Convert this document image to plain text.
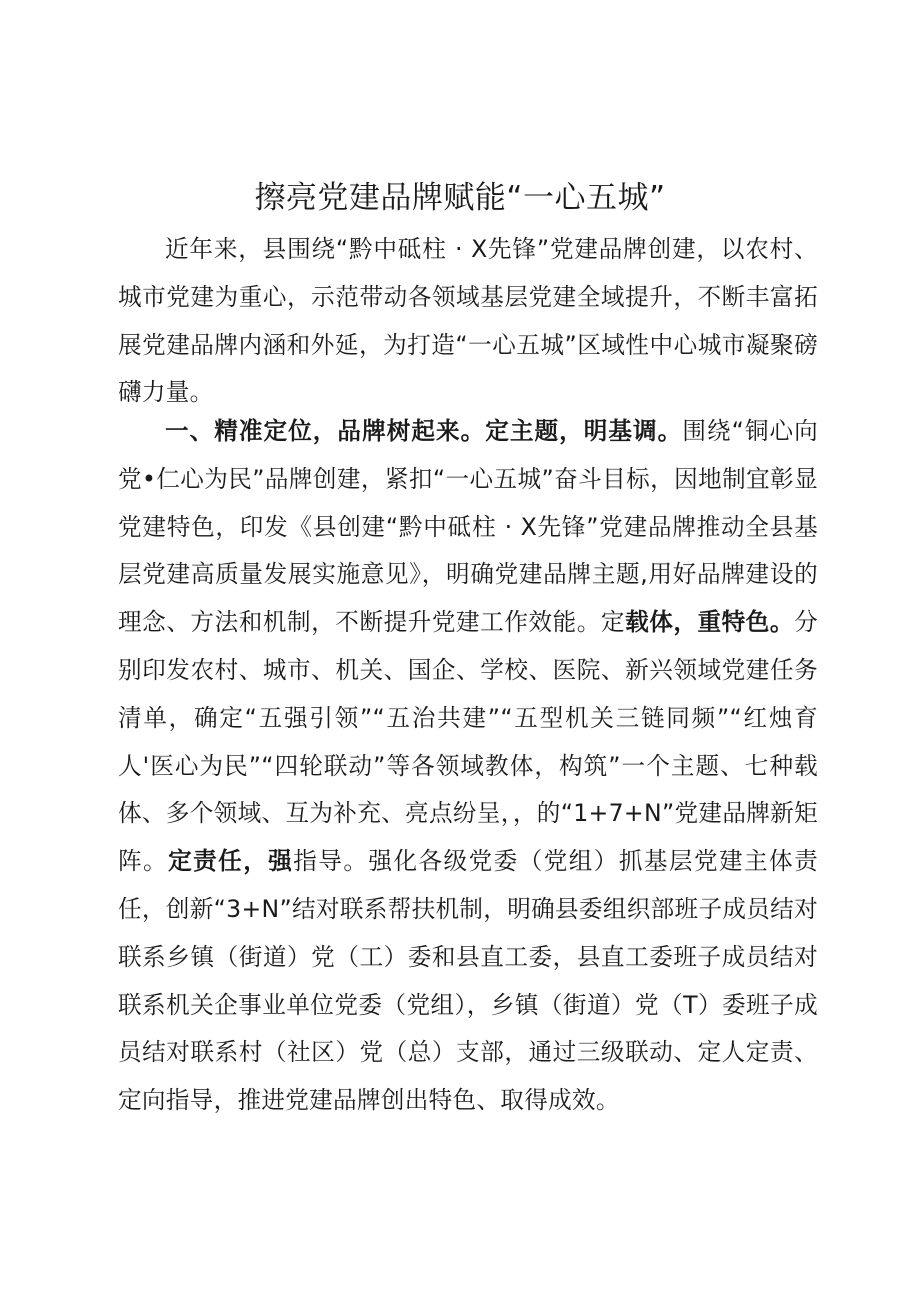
擦亮党建品牌赋能“一心五城”

近年来，县围绕“黔中砥柱 · X先锋”党建品牌创建，以农村、城市党建为重心，示范带动各领域基层党建全域提升，不断丰富拓展党建品牌内涵和外延，为打造“一心五城”区域性中心城市凝聚磅礴力量。

一、精准定位，品牌树起来。定主题，明基调。围绕“铜心向党•仁心为民”品牌创建，紧扣“一心五城”奋斗目标，因地制宜彰显党建特色，印发《县创建“黔中砥柱 · X先锋”党建品牌推动全县基层党建高质量发展实施意见》，明确党建品牌主题,用好品牌建设的理念、方法和机制，不断提升党建工作效能。定载体，重特色。分别印发农村、城市、机关、国企、学校、医院、新兴领域党建任务清单，确定“五强引领”“五治共建”“五型机关三链同频”“红烛育人'医心为民”“四轮联动”等各领域教体，构筑”一个主题、七种载体、多个领域、互为补充、亮点纷呈，，的“1+7+N”党建品牌新矩阵。定责任，强指导。强化各级党委（党组）抓基层党建主体责任，创新“3+N”结对联系帮扶机制，明确县委组织部班子成员结对联系乡镇（街道）党（工）委和县直工委，县直工委班子成员结对联系机关企事业单位党委（党组），乡镇（街道）党（T）委班子成员结对联系村（社区）党（总）支部，通过三级联动、定人定责、定向指导，推进党建品牌创出特色、取得成效。
